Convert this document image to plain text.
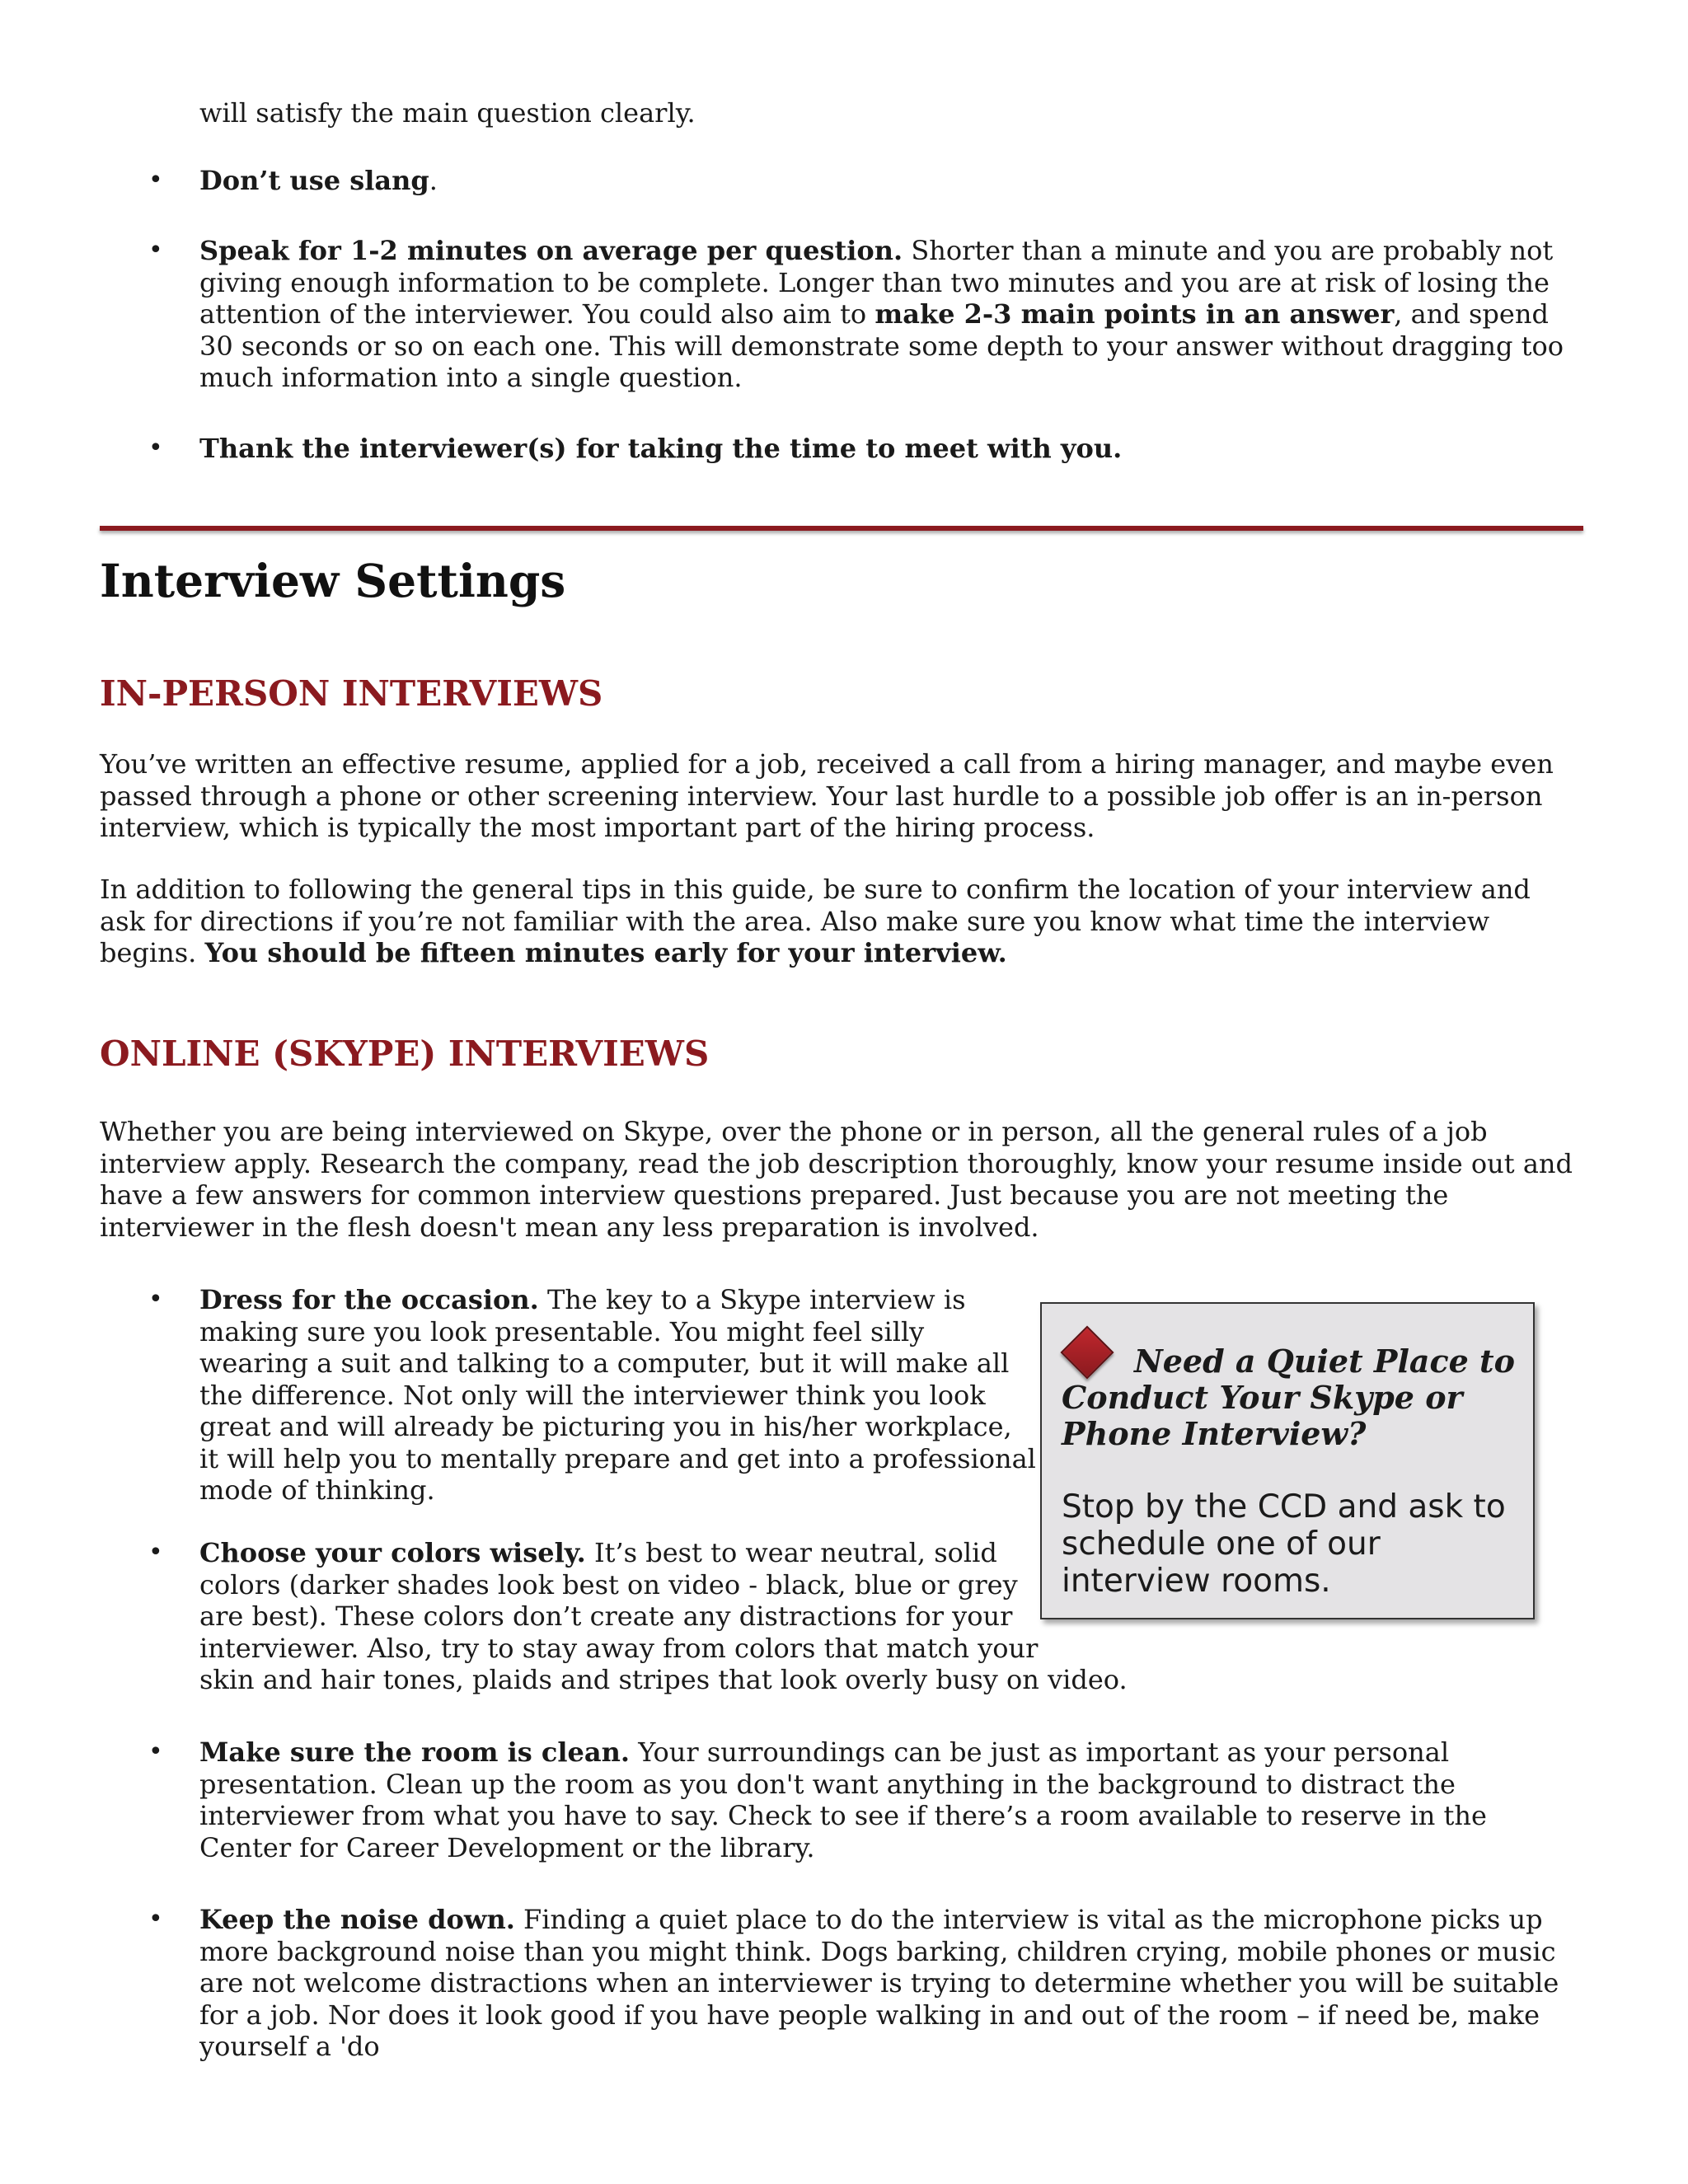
will satisfy the main question clearly.

•	Don’t use slang.

•	Speak for 1-2 minutes on average per question. Shorter than a minute and you are probably not giving enough information to be complete. Longer than two minutes and you are at risk of losing the attention of the interviewer. You could also aim to make 2-3 main points in an answer, and spend 30 seconds or so on each one. This will demonstrate some depth to your answer without dragging too much information into a single question.

•	Thank the interviewer(s) for taking the time to meet with you.

Interview Settings
IN-PERSON INTERVIEWS

You’ve written an effective resume, applied for a job, received a call from a hiring manager, and maybe even passed through a phone or other screening interview. Your last hurdle to a possible job offer is an in-person interview, which is typically the most important part of the hiring process.

In addition to following the general tips in this guide, be sure to confirm the location of your interview and ask for directions if you’re not familiar with the area. Also make sure you know what time the interview begins. You should be fifteen minutes early for your interview.

ONLINE (SKYPE) INTERVIEWS

Whether you are being interviewed on Skype, over the phone or in person, all the general rules of a job interview apply. Research the company, read the job description thoroughly, know your resume inside out and have a few answers for common interview questions prepared. Just because you are not meeting the interviewer in the flesh doesn't mean any less preparation is involved.

•	Dress for the occasion. The key to a Skype interview is
making sure you look presentable. You might feel silly
wearing a suit and talking to a computer, but it will make all
the difference. Not only will the interviewer think you look
great and will already be picturing you in his/her workplace,
it will help you to mentally prepare and get into a professional
mode of thinking.
•	Choose your colors wisely. It’s best to wear neutral, solid
colors (darker shades look best on video - black, blue or grey
are best). These colors don’t create any distractions for your
interviewer. Also, try to stay away from colors that match your
skin and hair tones, plaids and stripes that look overly busy on video.
•	Make sure the room is clean. Your surroundings can be just as important as your personal presentation. Clean up the room as you don't want anything in the background to distract the interviewer from what you have to say. Check to see if there’s a room available to reserve in the Center for Career Development or the library.

•	Keep the noise down. Finding a quiet place to do the interview is vital as the microphone picks up more background noise than you might think. Dogs barking, children crying, mobile phones or music are not welcome distractions when an interviewer is trying to determine whether you will be suitable for a job. Nor does it look good if you have people walking in and out of the room – if need be, make yourself a 'do

Need a Quiet Place to Conduct Your Skype or Phone Interview?

Stop by the CCD and ask to schedule one of our interview rooms.
